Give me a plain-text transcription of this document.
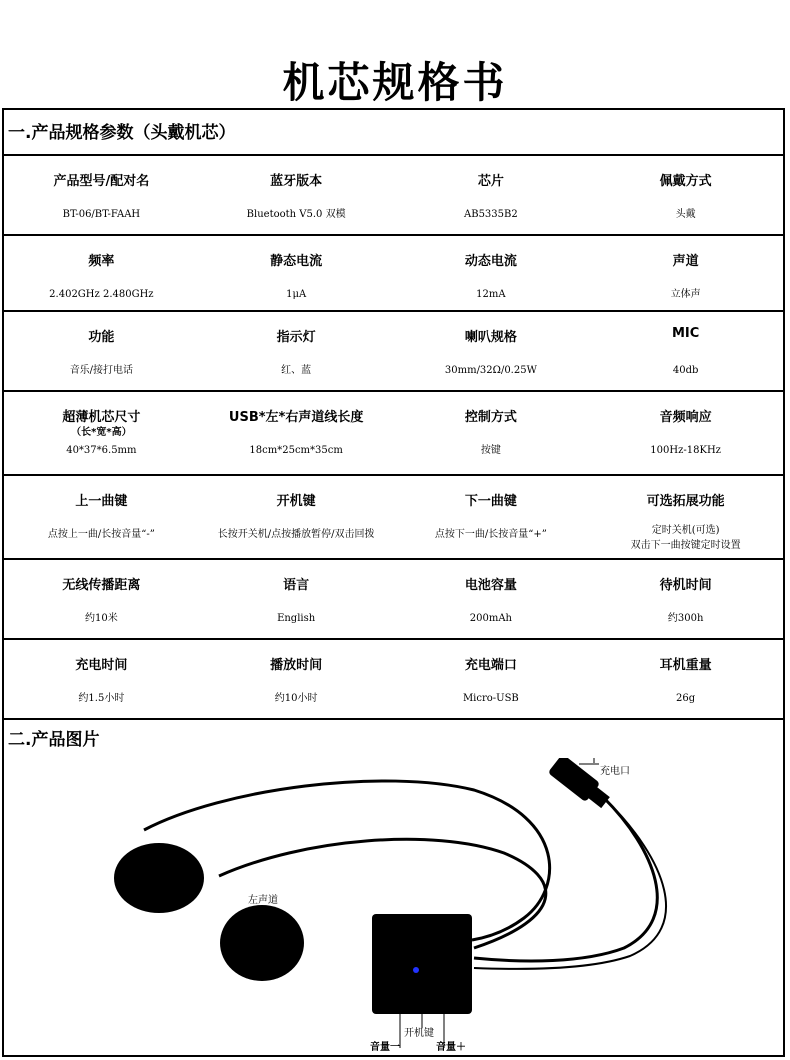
机芯规格书
一.产品规格参数（头戴机芯）
产品型号/配对名
BT-06/BT-FAAH
蓝牙版本
Bluetooth V5.0 双模
芯片
AB5335B2
佩戴方式
头戴
频率
2.402GHz 2.480GHz
静态电流
1μA
动态电流
12mA
声道
立体声
功能
音乐/接打电话
指示灯
红、蓝
喇叭规格
30mm/32Ω/0.25W
MIC
40db
超薄机芯尺寸
（长*宽*高）
40*37*6.5mm
USB*左*右声道线长度
18cm*25cm*35cm
控制方式
按键
音频响应
100Hz-18KHz
上一曲键
点按上一曲/长按音量“-”
开机键
长按开关机/点按播放暂停/双击回拨
下一曲键
点按下一曲/长按音量“+”
可选拓展功能
定时关机(可选)
双击下一曲按键定时设置
无线传播距离
约10米
语言
English
电池容量
200mAh
待机时间
约300h
充电时间
约1.5小时
播放时间
约10小时
充电端口
Micro-USB
耳机重量
26g
二.产品图片
充电口
右声道
左声道
开机键
音量一	音量＋
